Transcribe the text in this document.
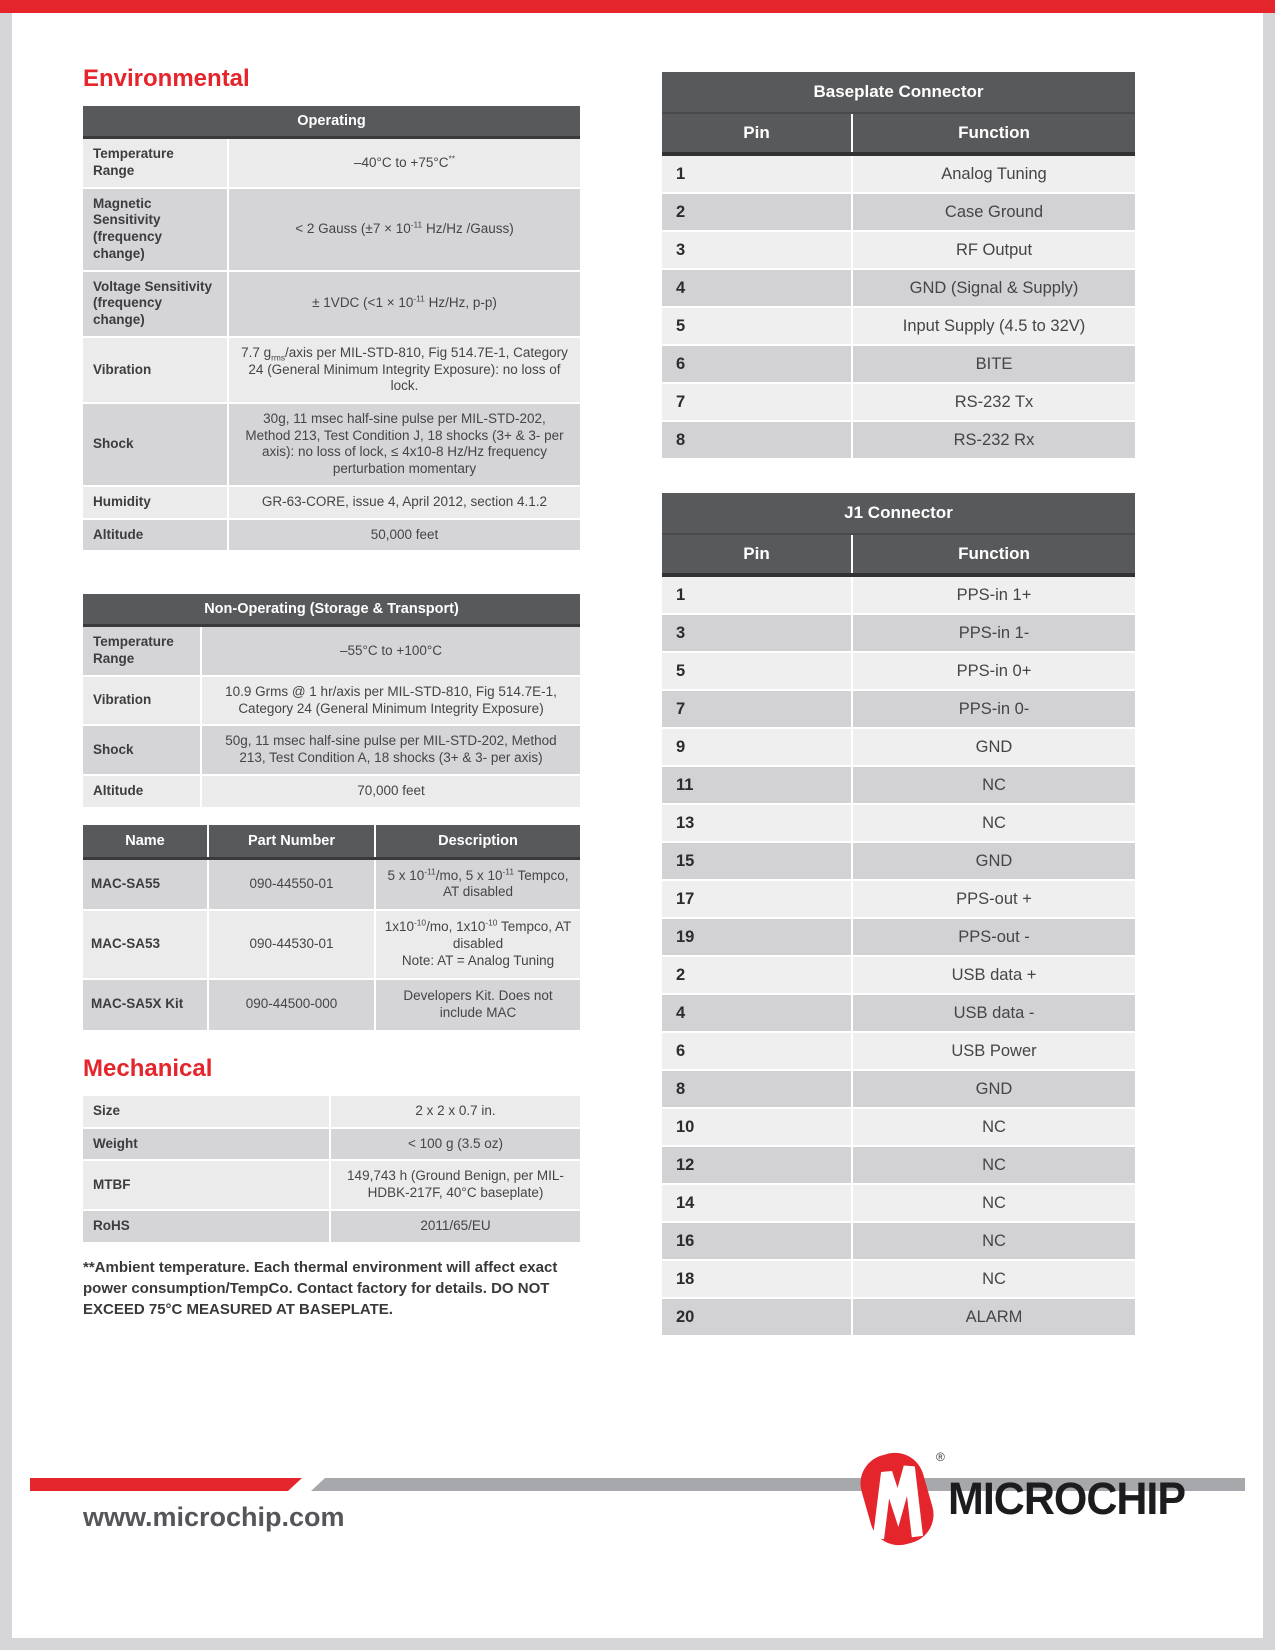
Environmental
Operating	
Temperature Range	–40°C to +75°C**
Magnetic Sensitivity (frequency change)	< 2 Gauss ($\pm 7 \times 10^{-11}$ Hz/Hz /Gauss)
Voltage Sensitivity (frequency change)	± 1VDC ($<1 \times 10^{-11}$ Hz/Hz, p-p)
Vibration	7.7 $g_{rms}$/axis per MIL-STD-810, Fig 514.7E-1, Category 24 (General Minimum Integrity Exposure): no loss of lock.
Shock	30g, 11 msec half-sine pulse per MIL-STD-202, Method 213, Test Condition J, 18 shocks (3+ & 3- per axis): no loss of lock, ≤ 4x10-8 Hz/Hz frequency perturbation momentary
Humidity	GR-63-CORE, issue 4, April 2012, section 4.1.2
Altitude	50,000 feet
Non-Operating (Storage & Transport)	
Temperature Range	–55°C to +100°C
Vibration	10.9 Grms @ 1 hr/axis per MIL-STD-810, Fig 514.7E-1, Category 24 (General Minimum Integrity Exposure)
Shock	50g, 11 msec half-sine pulse per MIL-STD-202, Method 213, Test Condition A, 18 shocks (3+ & 3- per axis)
Altitude	70,000 feet
Name	Part Number	Description
MAC-SA55	090-44550-01	5 x $10^{-11}/mo$, 5 x $10^{-11}$ Tempco, AT disabled
MAC-SA53	090-44530-01	$1x10^{-10}/mo$, $1x10^{-10}$ Tempco, AT disabled
Note: AT = Analog Tuning
MAC-SA5X Kit	090-44500-000	Developers Kit. Does not include MAC
Mechanical
Size	2 x 2 x 0.7 in.
Weight	< 100 g (3.5 oz)
MTBF	149,743 h (Ground Benign, per MIL-HDBK-217F, 40°C baseplate)
RoHS	2011/65/EU
**Ambient temperature. Each thermal environment will affect exact power consumption/TempCo. Contact factory for details. DO NOT EXCEED 75°C MEASURED AT BASEPLATE.
Baseplate Connector	
Pin	Function
1	Analog Tuning
2	Case Ground
3	RF Output
4	GND (Signal & Supply)
5	Input Supply (4.5 to 32V)
6	BITE
7	RS-232 Tx
8	RS-232 Rx
J1 Connector	
Pin	Function
1	PPS-in 1+
3	PPS-in 1-
5	PPS-in 0+
7	PPS-in 0-
9	GND
11	NC
13	NC
15	GND
17	PPS-out +
19	PPS-out -
2	USB data +
4	USB data -
6	USB Power
8	GND
10	NC
12	NC
14	NC
16	NC
18	NC
20	ALARM
www.microchip.com
®
MICROCHIP
